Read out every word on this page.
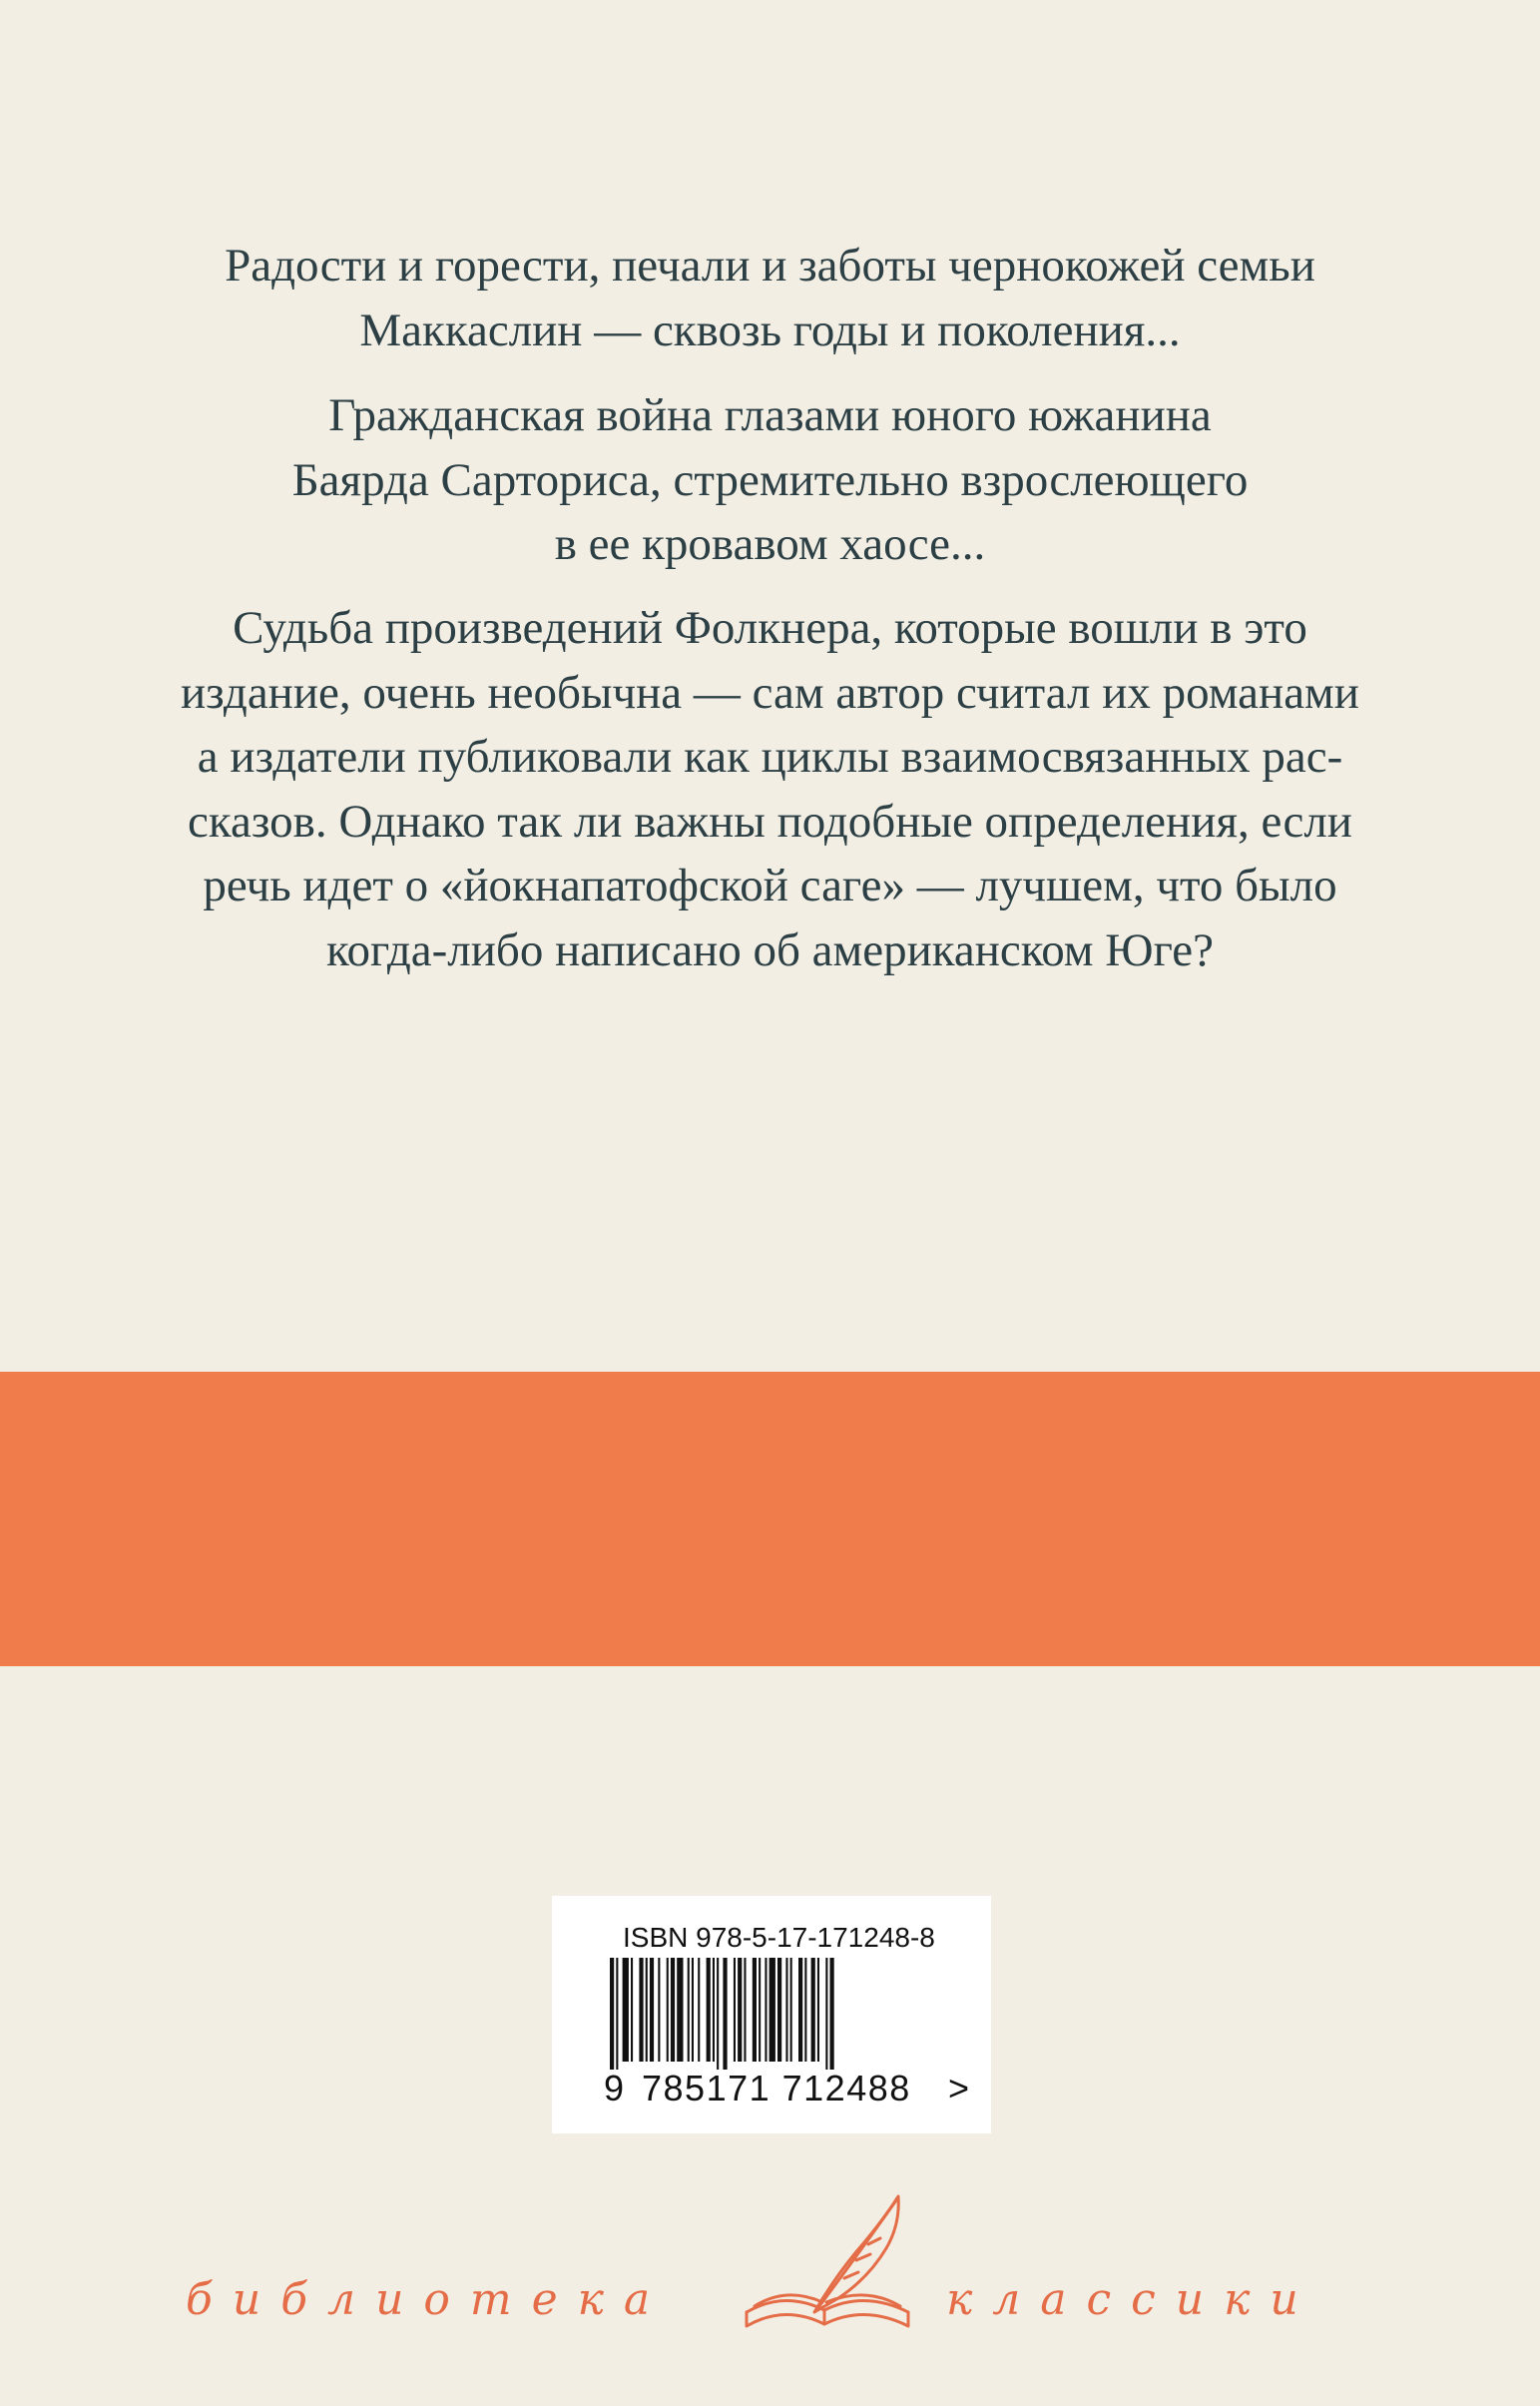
Радости и горести, печали и заботы чернокожей семьи

Маккаслин — сквозь годы и поколения...

Гражданская война глазами юного южанина

Баярда Сарториса, стремительно взрослеющего

в ее кровавом хаосе...

Судьба произведений Фолкнера, которые вошли в это

издание, очень необычна — сам автор считал их романами

а издатели публиковали как циклы взаимосвязанных рас-

сказов. Однако так ли важны подобные определения, если

речь идет о «йокнапатофской саге» — лучшем, что было

когда-либо написано об американском Юге?

ISBN 978-5-17-171248-8
9 785171 712488 >
библиотека	классики
